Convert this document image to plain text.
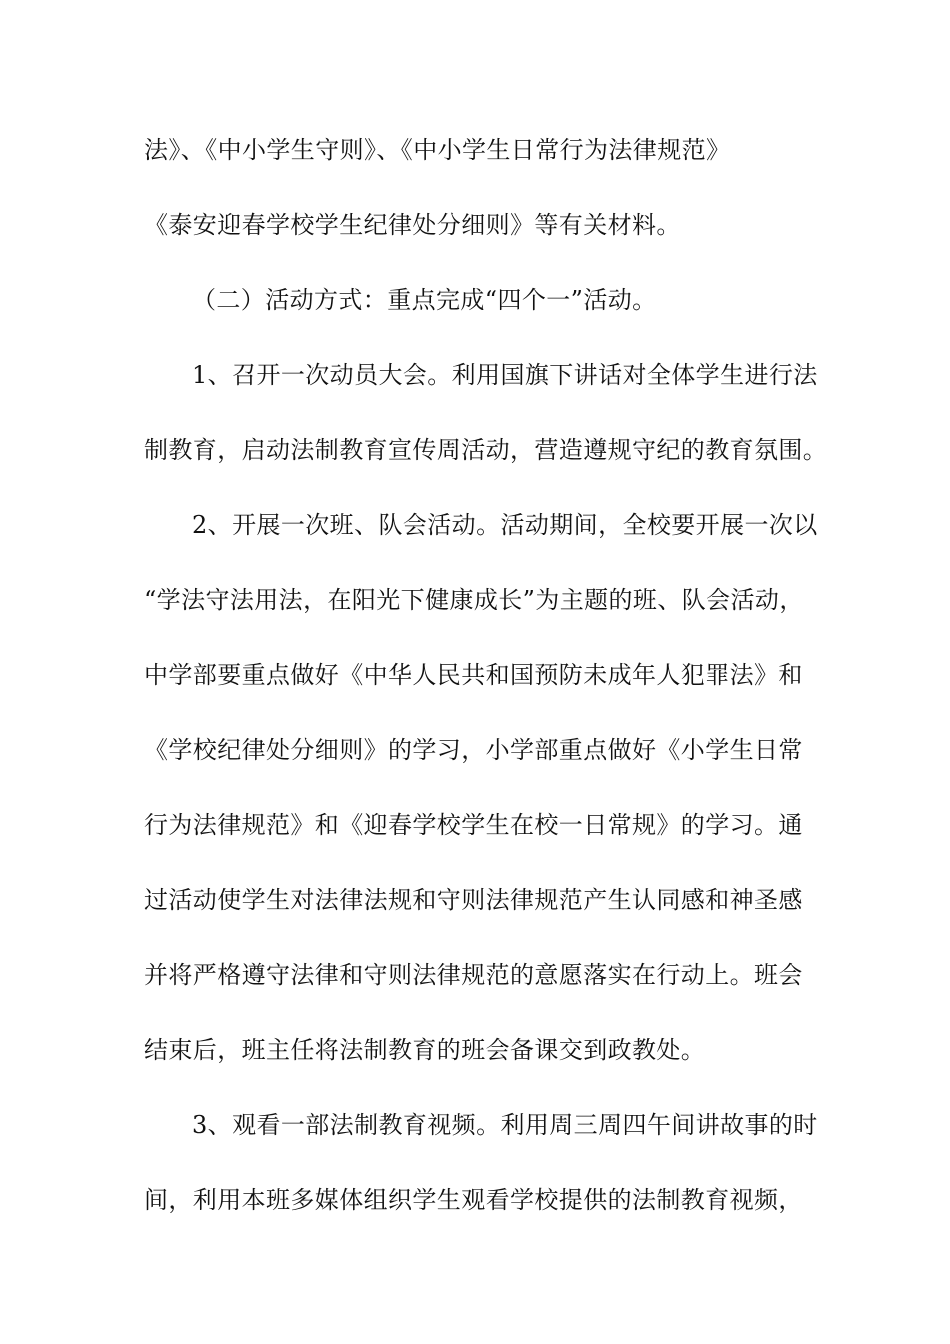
法》、《中小学生守则》、《中小学生日常行为法律规范》
《泰安迎春学校学生纪律处分细则》等有关材料。
（二）活动方式：重点完成“四个一”活动。
1、召开一次动员大会。利用国旗下讲话对全体学生进行法
制教育，启动法制教育宣传周活动，营造遵规守纪的教育氛围。
2、开展一次班、队会活动。活动期间，全校要开展一次以
“学法守法用法，在阳光下健康成长”为主题的班、队会活动，
中学部要重点做好《中华人民共和国预防未成年人犯罪法》和
《学校纪律处分细则》的学习，小学部重点做好《小学生日常
行为法律规范》和《迎春学校学生在校一日常规》的学习。通
过活动使学生对法律法规和守则法律规范产生认同感和神圣感
并将严格遵守法律和守则法律规范的意愿落实在行动上。班会
结束后，班主任将法制教育的班会备课交到政教处。
3、观看一部法制教育视频。利用周三周四午间讲故事的时
间，利用本班多媒体组织学生观看学校提供的法制教育视频，
